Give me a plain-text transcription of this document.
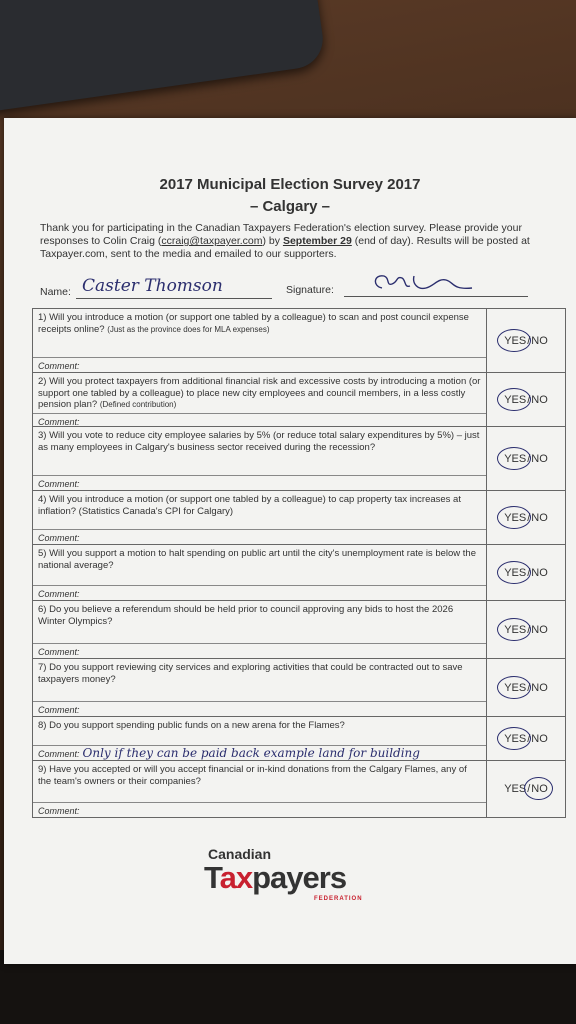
2017 Municipal Election Survey 2017
– Calgary –
Thank you for participating in the Canadian Taxpayers Federation's election survey. Please provide your responses to Colin Craig (ccraig@taxpayer.com) by September 29 (end of day). Results will be posted at Taxpayer.com, sent to the media and emailed to our supporters.
Name: Caster Thomson	Signature:
1) Will you introduce a motion (or support one tabled by a colleague) to scan and post council expense receipts online? (Just as the province does for MLA expenses)
Comment:
YES / NO
2) Will you protect taxpayers from additional financial risk and excessive costs by introducing a motion (or support one tabled by a colleague) to place new city employees and council members, in a less costly pension plan? (Defined contribution)
Comment:
YES / NO
3) Will you vote to reduce city employee salaries by 5% (or reduce total salary expenditures by 5%) – just as many employees in Calgary's business sector received during the recession?
Comment:
YES / NO
4) Will you introduce a motion (or support one tabled by a colleague) to cap property tax increases at inflation? (Statistics Canada's CPI for Calgary)
Comment:
YES / NO
5) Will you support a motion to halt spending on public art until the city's unemployment rate is below the national average?
Comment:
YES / NO
6) Do you believe a referendum should be held prior to council approving any bids to host the 2026 Winter Olympics?
Comment:
YES / NO
7) Do you support reviewing city services and exploring activities that could be contracted out to save taxpayers money?
Comment:
YES / NO
8) Do you support spending public funds on a new arena for the Flames?
Comment: Only if they can be paid back example land for building
YES / NO
9) Have you accepted or will you accept financial or in-kind donations from the Calgary Flames, any of the team's owners or their companies?
Comment:
YES / NO
Canadian
Taxpayers
FEDERATION
